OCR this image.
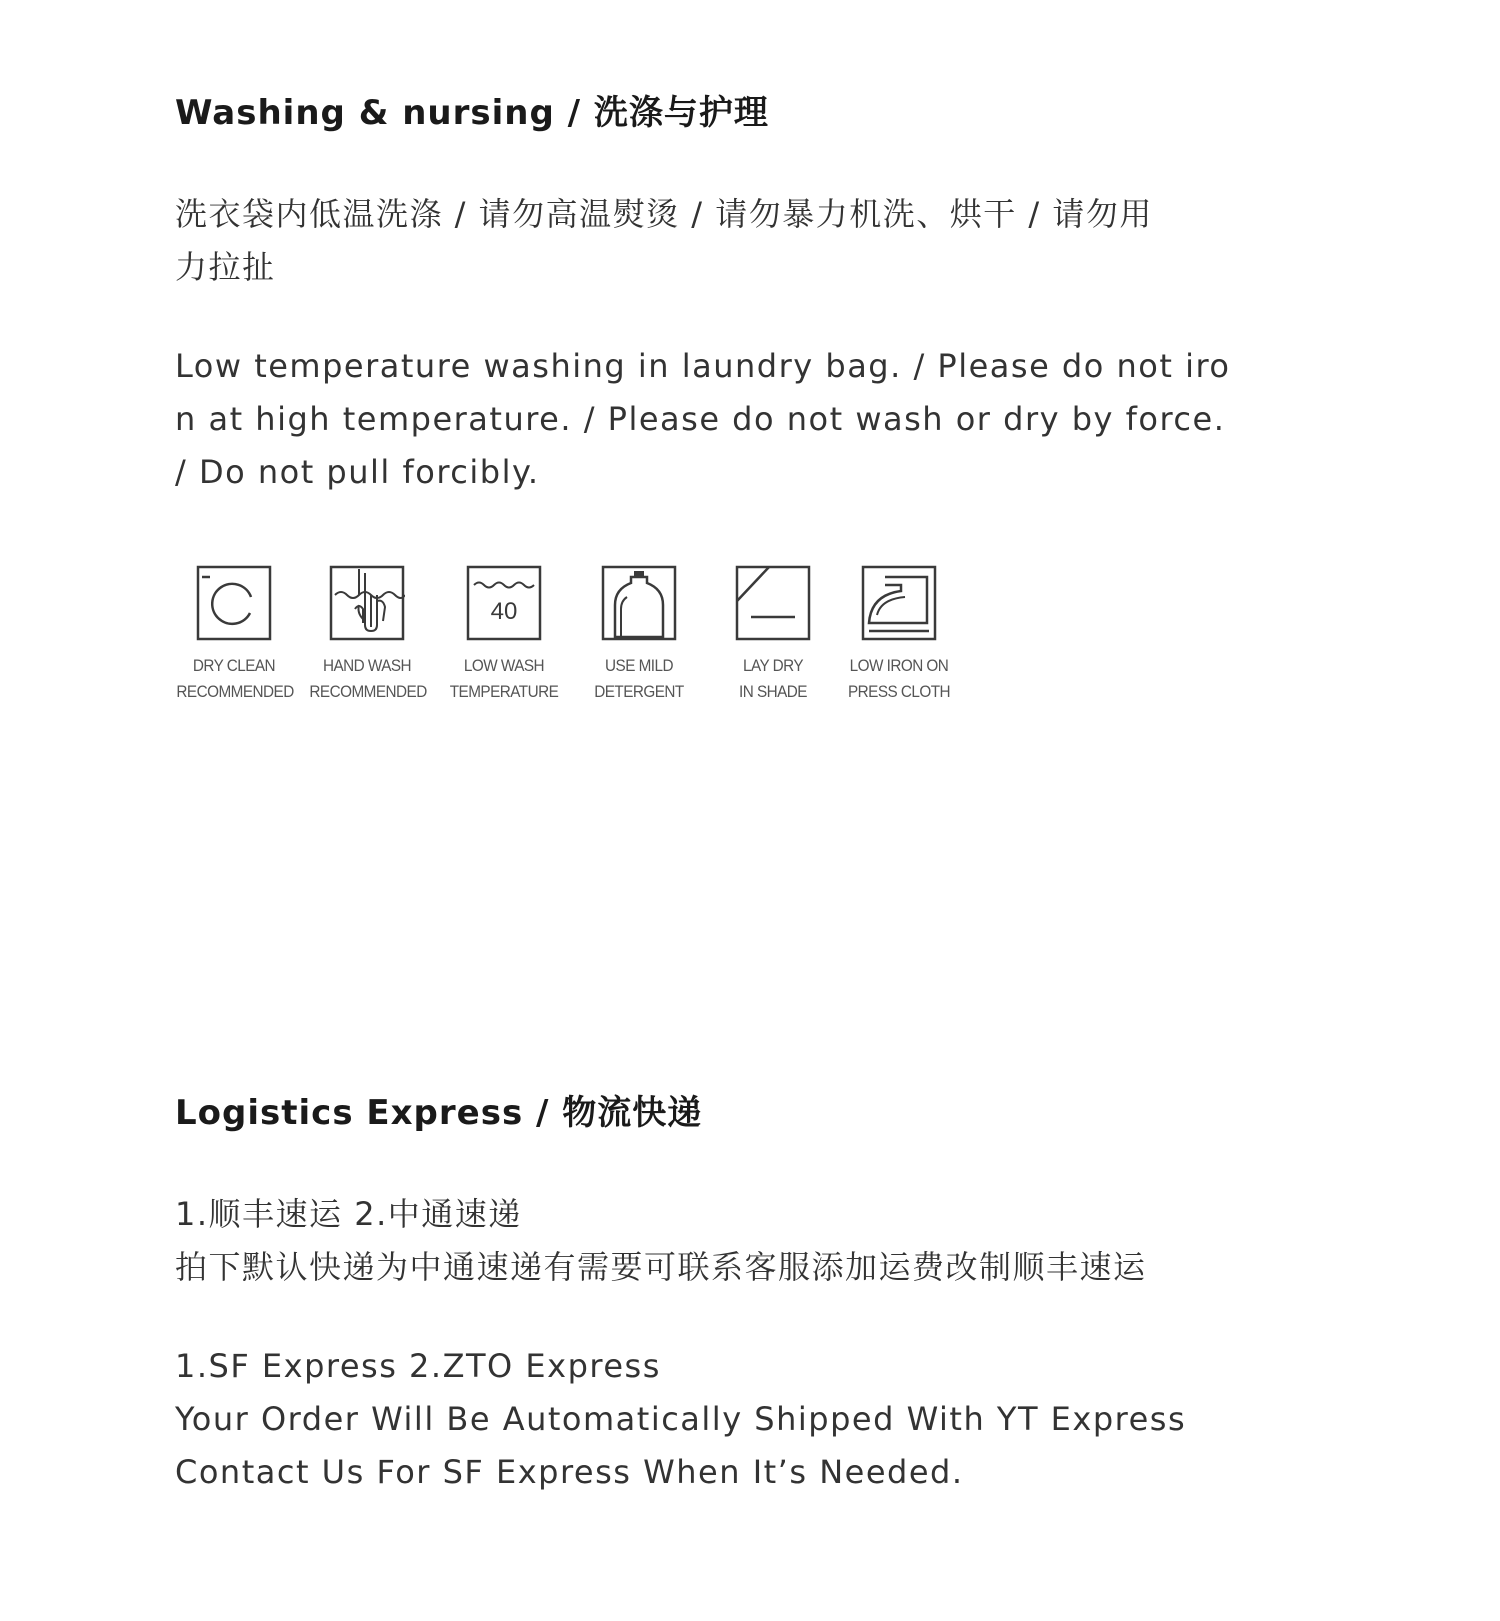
Washing & nursing / 洗涤与护理

洗衣袋内低温洗涤 / 请勿高温熨烫 / 请勿暴力机洗、烘干 / 请勿用
力拉扯

Low temperature washing in laundry bag. / Please do not iro
n at high temperature. / Please do not wash or dry by force.
/ Do not pull forcibly.

DRY CLEAN
RECOMMENDED
HAND WASH
RECOMMENDED
40
LOW WASH
TEMPERATURE
USE MILD
DETERGENT
LAY DRY
IN SHADE
LOW IRON ON
PRESS CLOTH
Logistics Express / 物流快递

1.顺丰速运 2.中通速递
拍下默认快递为中通速递有需要可联系客服添加运费改制顺丰速运

1.SF Express 2.ZTO Express
Your Order Will Be Automatically Shipped With YT Express
Contact Us For SF Express When It’s Needed.
